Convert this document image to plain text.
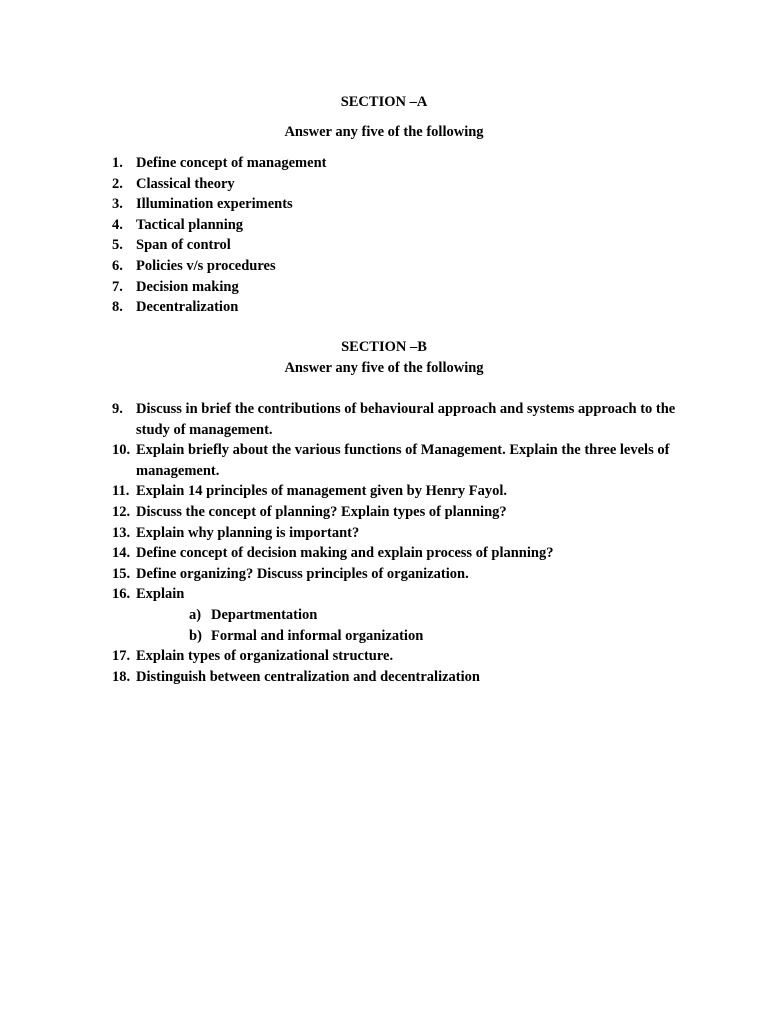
SECTION –A
Answer any five of the following
1. Define concept of management
2. Classical theory
3. Illumination experiments
4. Tactical planning
5. Span of control
6. Policies v/s procedures
7. Decision making
8. Decentralization
SECTION –B
Answer any five of the following
9. Discuss in brief the contributions of behavioural approach and systems approach to the study of management.
10. Explain briefly about the various functions of Management. Explain the three levels of management.
11. Explain 14 principles of management given by Henry Fayol.
12. Discuss the concept of planning? Explain types of planning?
13. Explain why planning is important?
14. Define concept of decision making and explain process of planning?
15. Define organizing? Discuss principles of organization.
16. Explain
a) Departmentation
b) Formal and informal organization
17. Explain types of organizational structure.
18. Distinguish between centralization and decentralization
